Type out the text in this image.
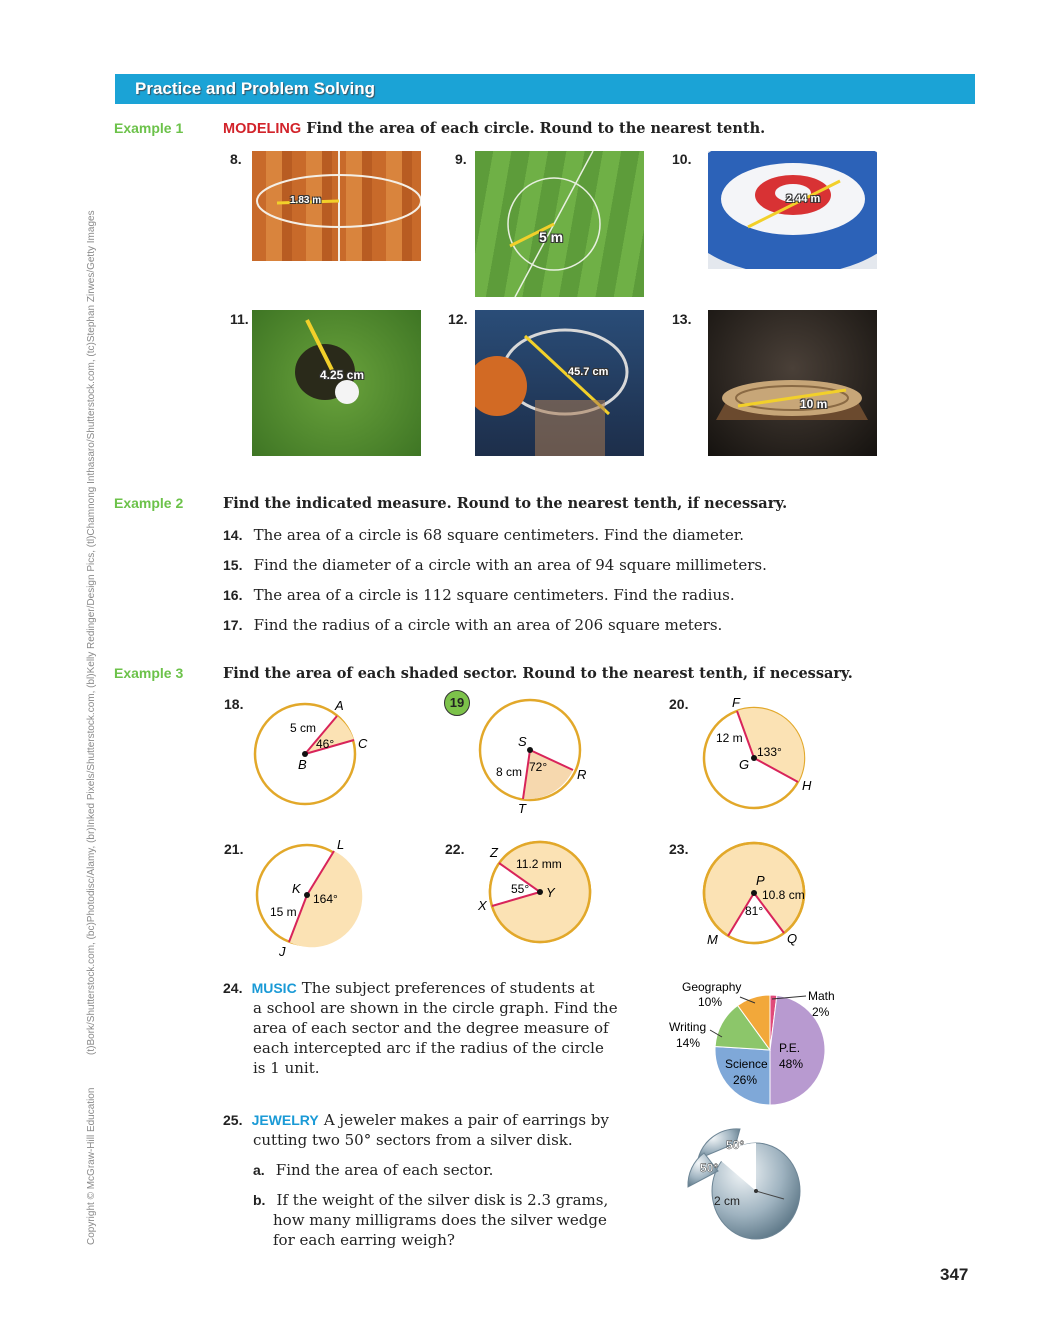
Copyright © McGraw-Hill Education
(t)Bork/Shutterstock.com, (bc)Photodisc/Alamy, (br)Inked Pixels/Shutterstock.com, (bl)Kelly Redinger/Design Pics, (tl)Chamnong Inthasaro/Shutterstock.com, (tc)Stephan Zirwes/Getty Images
Practice and Problem Solving
Example 1	MODELING Find the area of each circle. Round to the nearest tenth.
8.
1.83 m
9.
5 m
10.
2.44 m
11.
4.25 cm
12.
45.7 cm
13.
10 m
Example 2	Find the indicated measure. Round to the nearest tenth, if necessary.
14. The area of a circle is 68 square centimeters. Find the diameter.
15. Find the diameter of a circle with an area of 94 square millimeters.
16. The area of a circle is 112 square centimeters. Find the radius.
17. Find the radius of a circle with an area of 206 square meters.
Example 3	Find the area of each shaded sector. Round to the nearest tenth, if necessary.
18.	A
B
C
5 cm
46°
19
S
T
R
8 cm 72°
20.	F
G
H
12 m
133°
21.	L
K
J
15 m
164°
22. Z
Y
X
11.2 mm
55°
23.
P
M	Q
10.8 cm
81°
24. MUSIC The subject preferences of students at
a school are shown in the circle graph. Find the
area of each sector and the degree measure of
each intercepted arc if the radius of the circle
is 1 unit.
Geography
10%	Math
2%
Writing
14%	P.E.
48%
Science
26%
25. JEWELRY A jeweler makes a pair of earrings by
cutting two 50° sectors from a silver disk.
a. Find the area of each sector.
b. If the weight of the silver disk is 2.3 grams,
how many milligrams does the silver wedge
for each earring weigh?
50°
50°
2 cm
347
